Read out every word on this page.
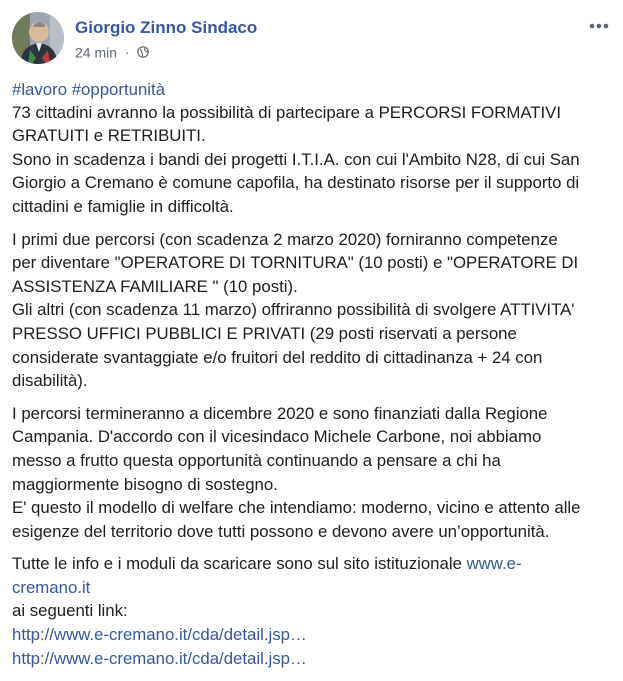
Giorgio Zinno Sindaco
24 min ·
#lavoro #opportunità
73 cittadini avranno la possibilità di partecipare a PERCORSI FORMATIVI
GRATUITI e RETRIBUITI.
Sono in scadenza i bandi dei progetti I.T.I.A. con cui l'Ambito N28, di cui San
Giorgio a Cremano è comune capofila, ha destinato risorse per il supporto di
cittadini e famiglie in difficoltà.
I primi due percorsi (con scadenza 2 marzo 2020) forniranno competenze
per diventare "OPERATORE DI TORNITURA" (10 posti) e "OPERATORE DI
ASSISTENZA FAMILIARE " (10 posti).
Gli altri (con scadenza 11 marzo) offriranno possibilità di svolgere ATTIVITA'
PRESSO UFFICI PUBBLICI E PRIVATI (29 posti riservati a persone
considerate svantaggiate e/o fruitori del reddito di cittadinanza + 24 con
disabilità).
I percorsi termineranno a dicembre 2020 e sono finanziati dalla Regione
Campania. D'accordo con il vicesindaco Michele Carbone, noi abbiamo
messo a frutto questa opportunità continuando a pensare a chi ha
maggiormente bisogno di sostegno.
E' questo il modello di welfare che intendiamo: moderno, vicino e attento alle
esigenze del territorio dove tutti possono e devono avere un’opportunità.
Tutte le info e i moduli da scaricare sono sul sito istituzionale www.e-
cremano.it
ai seguenti link:
http://www.e-cremano.it/cda/detail.jsp…
http://www.e-cremano.it/cda/detail.jsp…
